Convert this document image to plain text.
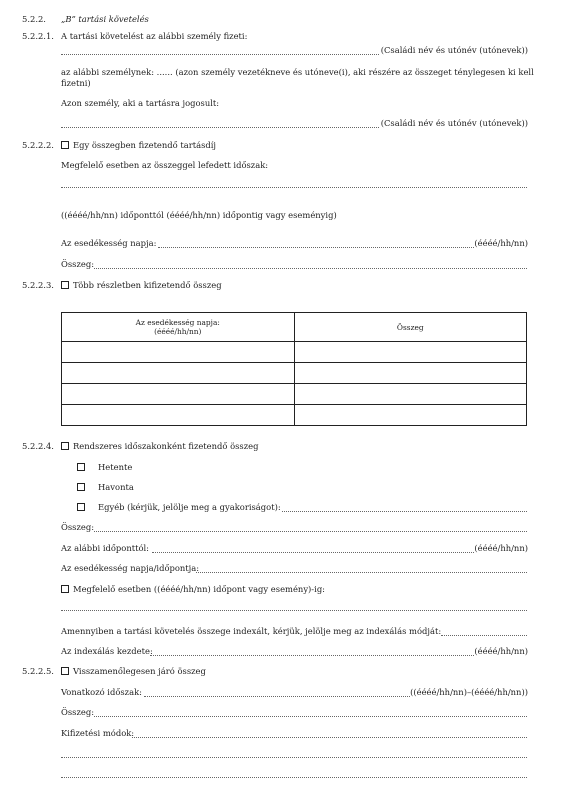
5.2.2. „B” tartási követelés
5.2.2.1. A tartási követelést az alábbi személy fizeti:
(Családi név és utónév (utónevek))
az alábbi személynek: ...... (azon személy vezetékneve és utóneve(i), aki részére az összeget ténylegesen ki kell
fizetni)
Azon személy, aki a tartásra jogosult:
(Családi név és utónév (utónevek))
5.2.2.2.	Egy összegben fizetendő tartásdíj
Megfelelő esetben az összeggel lefedett időszak:
((éééé/hh/nn) időponttól (éééé/hh/nn) időpontig vagy eseményig)
Az esedékesség napja:	(éééé/hh/nn)
Összeg:
5.2.2.3.	Több részletben kifizetendő összeg
Az esedékesség napja:
(éééé/hh/nn)	Összeg

5.2.2.4.	Rendszeres időszakonként fizetendő összeg
Hetente
Havonta
Egyéb (kérjük, jelölje meg a gyakoriságot):
Összeg:
Az alábbi időponttól:	(éééé/hh/nn)
Az esedékesség napja/időpontja:
Megfelelő esetben ((éééé/hh/nn) időpont vagy esemény)-ig:
Amennyiben a tartási követelés összege indexált, kérjük, jelölje meg az indexálás módját:
Az indexálás kezdete:	(éééé/hh/nn)
5.2.2.5.	Visszamenőlegesen járó összeg
Vonatkozó időszak:	((éééé/hh/nn)–(éééé/hh/nn))
Összeg:
Kifizetési módok:
